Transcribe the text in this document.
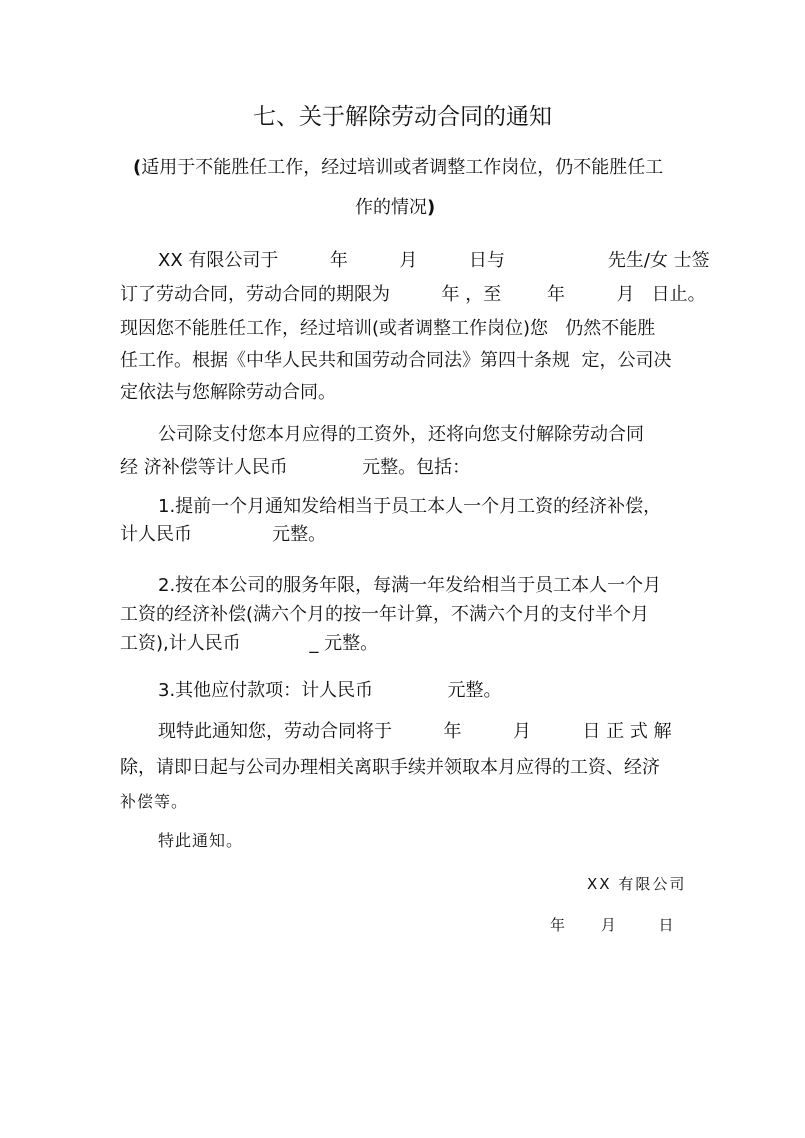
七、关于解除劳动合同的通知
(适用于不能胜任工作，经过培训或者调整工作岗位，仍不能胜任工
作的情况)
XX 有限公司于         年         月         日与                  先生/女 士签
订了劳动合同，劳动合同的期限为         年 ，至        年         月   日止。
现因您不能胜任工作，经过培训(或者调整工作岗位)您   仍然不能胜
任工作。根据《中华人民共和国劳动合同法》第四十条规  定，公司决
定依法与您解除劳动合同。
公司除支付您本月应得的工资外，还将向您支付解除劳动合同
经 济补偿等计人民币             元整。包括：
1.提前一个月通知发给相当于员工本人一个月工资的经济补偿，
计人民币              元整。
2.按在本公司的服务年限，每满一年发给相当于员工本人一个月
工资的经济补偿(满六个月的按一年计算，不满六个月的支付半个月
工资),计人民币            _ 元整。
3.其他应付款项：计人民币             元整。
现特此通知您，劳动合同将于         年         月         日 正 式 解
除，请即日起与公司办理相关离职手续并领取本月应得的工资、经济
补偿等。
特此通知。
XX 有限公司
年     月      日
